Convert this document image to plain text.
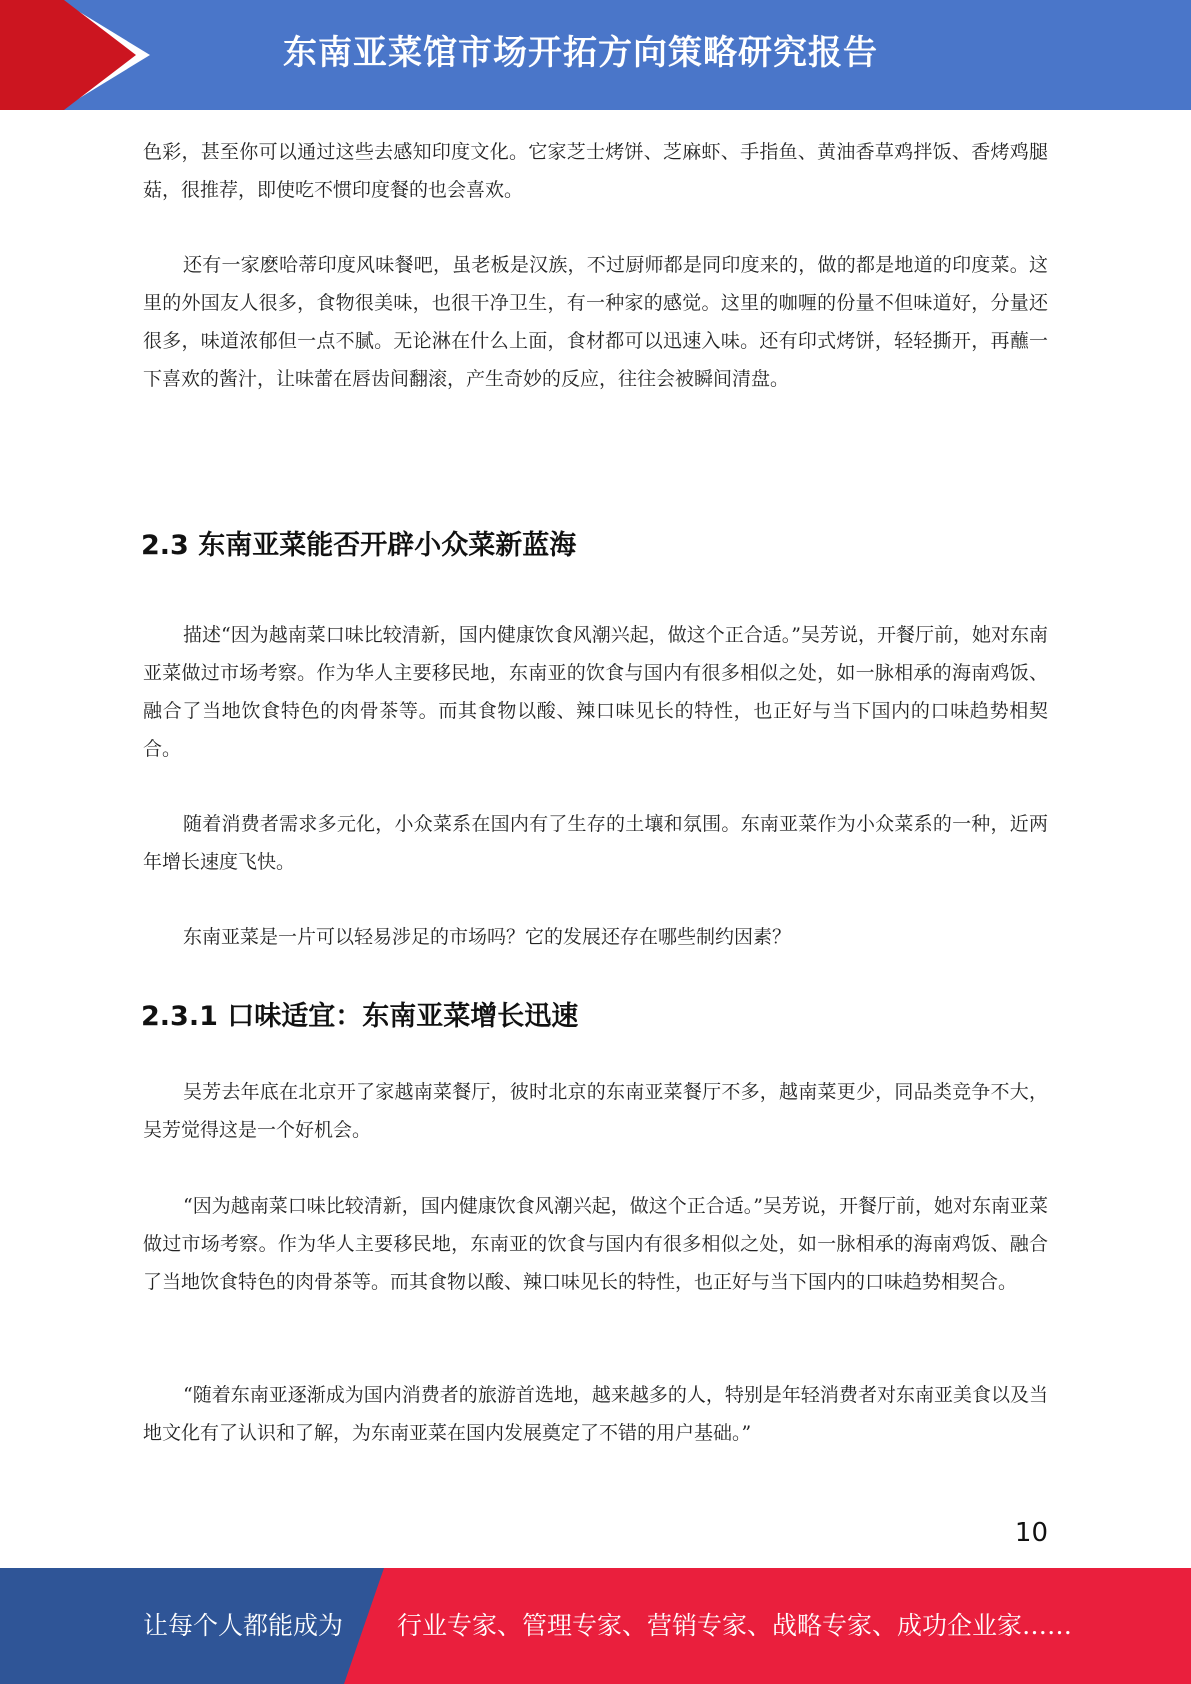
东南亚菜馆市场开拓方向策略研究报告

色彩，甚至你可以通过这些去感知印度文化。它家芝士烤饼、芝麻虾、手指鱼、黄油香草鸡拌饭、香烤鸡腿菇，很推荐，即使吃不惯印度餐的也会喜欢。

还有一家麽哈蒂印度风味餐吧，虽老板是汉族，不过厨师都是同印度来的，做的都是地道的印度菜。这里的外国友人很多，食物很美味，也很干净卫生，有一种家的感觉。这里的咖喱的份量不但味道好，分量还很多，味道浓郁但一点不腻。无论淋在什么上面，食材都可以迅速入味。还有印式烤饼，轻轻撕开，再蘸一下喜欢的酱汁，让味蕾在唇齿间翻滚，产生奇妙的反应，往往会被瞬间清盘。

2.3 东南亚菜能否开辟小众菜新蓝海

描述“因为越南菜口味比较清新，国内健康饮食风潮兴起，做这个正合适。”吴芳说，开餐厅前，她对东南亚菜做过市场考察。作为华人主要移民地，东南亚的饮食与国内有很多相似之处，如一脉相承的海南鸡饭、融合了当地饮食特色的肉骨茶等。而其食物以酸、辣口味见长的特性，也正好与当下国内的口味趋势相契合。

随着消费者需求多元化，小众菜系在国内有了生存的土壤和氛围。东南亚菜作为小众菜系的一种，近两年增长速度飞快。

东南亚菜是一片可以轻易涉足的市场吗？它的发展还存在哪些制约因素？

2.3.1 口味适宜：东南亚菜增长迅速

吴芳去年底在北京开了家越南菜餐厅，彼时北京的东南亚菜餐厅不多，越南菜更少，同品类竞争不大，吴芳觉得这是一个好机会。

“因为越南菜口味比较清新，国内健康饮食风潮兴起，做这个正合适。”吴芳说，开餐厅前，她对东南亚菜做过市场考察。作为华人主要移民地，东南亚的饮食与国内有很多相似之处，如一脉相承的海南鸡饭、融合了当地饮食特色的肉骨茶等。而其食物以酸、辣口味见长的特性，也正好与当下国内的口味趋势相契合。

“随着东南亚逐渐成为国内消费者的旅游首选地，越来越多的人，特别是年轻消费者对东南亚美食以及当地文化有了认识和了解，为东南亚菜在国内发展奠定了不错的用户基础。”

10
让每个人都能成为 行业专家、管理专家、营销专家、战略专家、成功企业家……
